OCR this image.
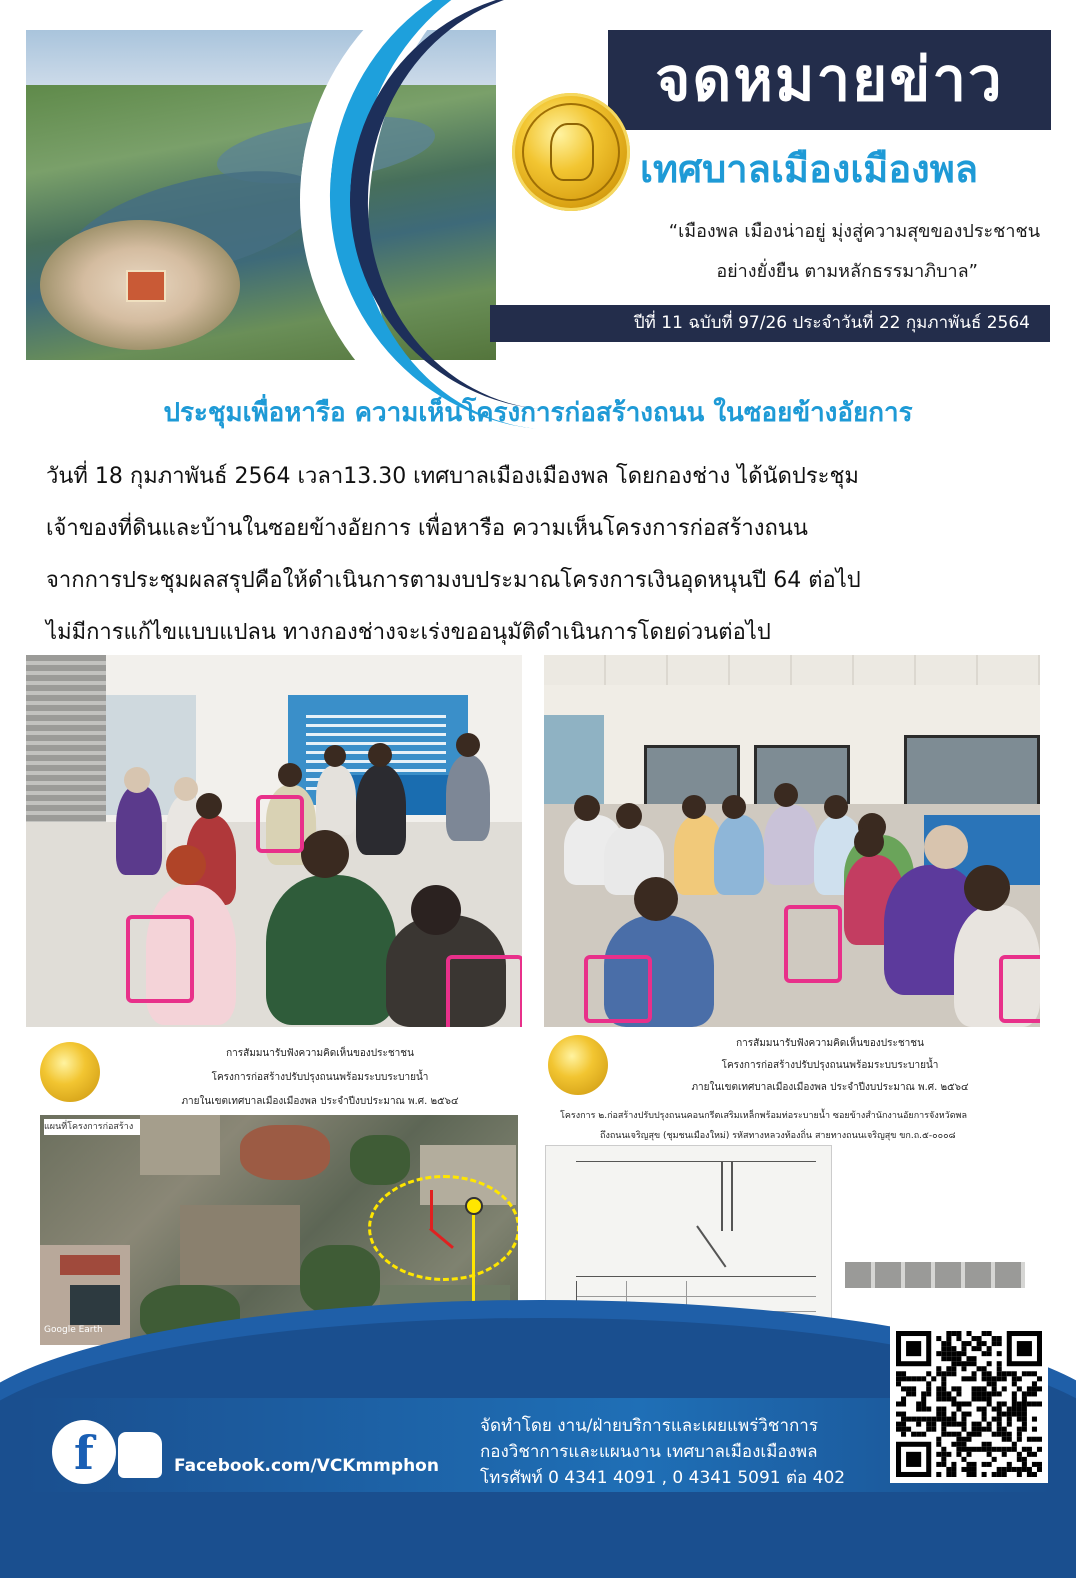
จดหมายข่าว
เทศบาลเมืองเมืองพล
“เมืองพล เมืองน่าอยู่ มุ่งสู่ความสุขของประชาชน
อย่างยั่งยืน ตามหลักธรรมาภิบาล”
ปีที่ 11 ฉบับที่ 97/26 ประจำวันที่ 22 กุมภาพันธ์ 2564
ประชุมเพื่อหารือ ความเห็นโครงการก่อสร้างถนน ในซอยข้างอัยการ
วันที่ 18 กุมภาพันธ์ 2564 เวลา13.30 เทศบาลเมืองเมืองพล โดยกองช่าง ได้นัดประชุม
เจ้าของที่ดินและบ้านในซอยข้างอัยการ เพื่อหารือ ความเห็นโครงการก่อสร้างถนน
จากการประชุมผลสรุปคือให้ดำเนินการตามงบประมาณโครงการเงินอุดหนุนปี 64 ต่อไป
ไม่มีการแก้ไขแบบแปลน ทางกองช่างจะเร่งขออนุมัติดำเนินการโดยด่วนต่อไป
การสัมมนารับฟังความคิดเห็นของประชาชน
โครงการก่อสร้างปรับปรุงถนนพร้อมระบบระบายน้ำ
ภายในเขตเทศบาลเมืองเมืองพล ประจำปีงบประมาณ พ.ศ. ๒๕๖๔
แผนที่โครงการก่อสร้าง
Google Earth
การสัมมนารับฟังความคิดเห็นของประชาชน
โครงการก่อสร้างปรับปรุงถนนพร้อมระบบระบายน้ำ
ภายในเขตเทศบาลเมืองเมืองพล ประจำปีงบประมาณ พ.ศ. ๒๕๖๔
โครงการ ๒.ก่อสร้างปรับปรุงถนนคอนกรีตเสริมเหล็กพร้อมท่อระบายน้ำ ซอยข้างสำนักงานอัยการจังหวัดพล
ถึงถนนเจริญสุข (ชุมชนเมืองใหม่) รหัสทางหลวงท้องถิ่น สายทางถนนเจริญสุข ขก.ถ.๕-๐๐๐๘
f	Facebook.com/VCKmmphon
จัดทำโดย งาน/ฝ่ายบริการและเผยแพร่วิชาการ
กองวิชาการและแผนงาน เทศบาลเมืองเมืองพล
โทรศัพท์ 0 4341 4091 , 0 4341 5091 ต่อ 402
